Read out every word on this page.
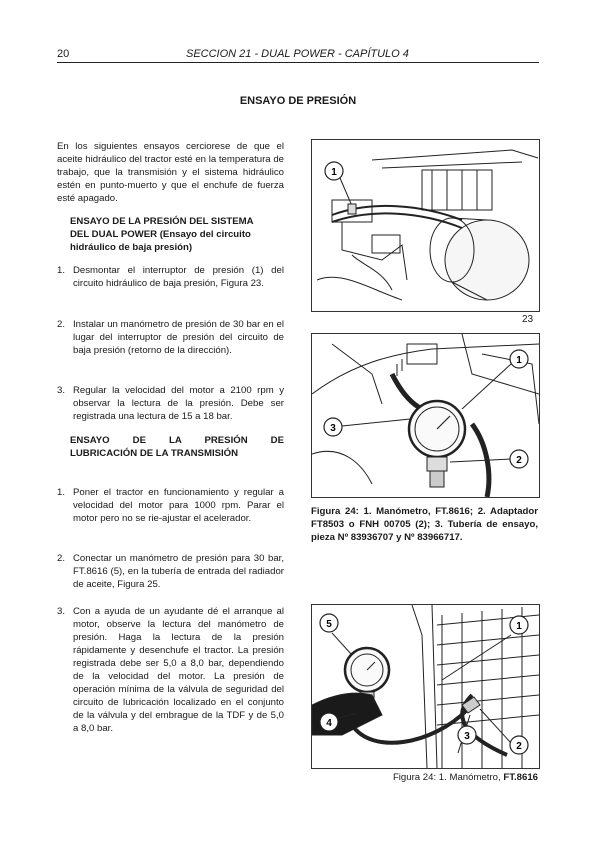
20	SECCION 21 - DUAL POWER - CAPÍTULO 4
ENSAYO DE PRESIÓN
En los siguientes ensayos cerciorese de que el aceite hidráulico del tractor esté en la temperatura de trabajo, que la transmisión y el sistema hidráulico estén en punto-muerto y que el enchufe de fuerza esté apagado.
ENSAYO DE LA PRESIÓN DEL SISTEMA
DEL DUAL POWER (Ensayo del circuito
hidráulico de baja presión)
1. Desmontar el interruptor de presión (1) del circuito hidráulico de baja presión, Figura 23.
2. Instalar un manómetro de presión de 30 bar en el lugar del interruptor de presión del circuito de baja presión (retorno de la dirección).
3. Regular la velocidad del motor a 2100 rpm y observar la lectura de la presión. Debe ser registrada una lectura de 15 a 18 bar.
ENSAYO DE LA PRESIÓN DE
LUBRICACIÓN DE LA TRANSMISIÓN
1. Poner el tractor en funcionamiento y regular a velocidad del motor para 1000 rpm. Parar el motor pero no se rie-ajustar el acelerador.
2. Conectar un manómetro de presión para 30 bar, FT.8616 (5), en la tubería de entrada del radiador de aceite, Figura 25.
3. Con a ayuda de un ayudante dé el arranque al motor, observe la lectura del manómetro de presión. Haga la lectura de la presión rápidamente y desenchufe el tractor. La presión registrada debe ser 5,0 a 8,0 bar, dependiendo de la velocidad del motor. La presión de operación mínima de la válvula de seguridad del circuito de lubricación localizado en el conjunto de la válvula y del embrague de la TDF y de 5,0 a 8,0 bar.
1
23
1
2
3
Figura 24: 1. Manómetro, FT.8616; 2. Adaptador FT8503 o FNH 00705 (2); 3. Tubería de ensayo, pieza Nº 83936707 y Nº 83966717.
5	1
4
2
3
Figura 24: 1. Manómetro, FT.8616
